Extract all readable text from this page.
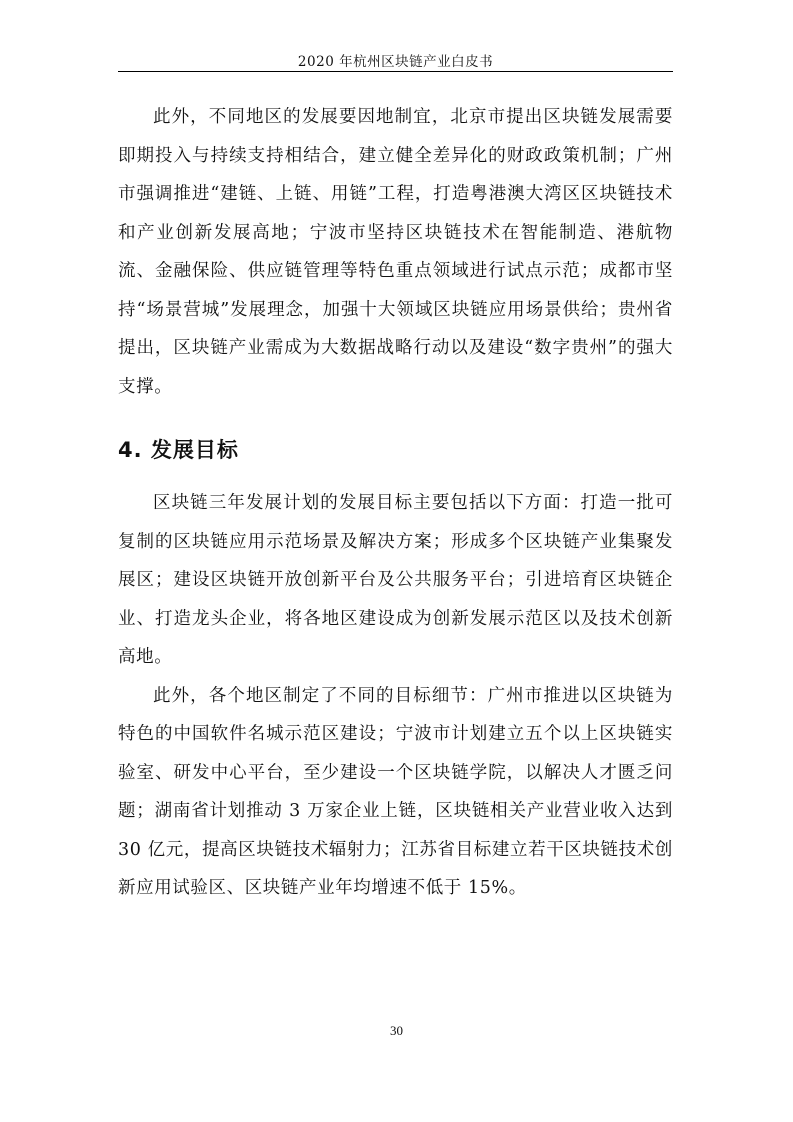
2020 年杭州区块链产业白皮书

此外，不同地区的发展要因地制宜，北京市提出区块链发展需要即期投入与持续支持相结合，建立健全差异化的财政政策机制；广州市强调推进“建链、上链、用链”工程，打造粤港澳大湾区区块链技术和产业创新发展高地；宁波市坚持区块链技术在智能制造、港航物流、金融保险、供应链管理等特色重点领域进行试点示范；成都市坚持“场景营城”发展理念，加强十大领域区块链应用场景供给；贵州省提出，区块链产业需成为大数据战略行动以及建设“数字贵州”的强大支撑。

4. 发展目标

区块链三年发展计划的发展目标主要包括以下方面：打造一批可复制的区块链应用示范场景及解决方案；形成多个区块链产业集聚发展区；建设区块链开放创新平台及公共服务平台；引进培育区块链企业、打造龙头企业，将各地区建设成为创新发展示范区以及技术创新高地。

此外，各个地区制定了不同的目标细节：广州市推进以区块链为特色的中国软件名城示范区建设；宁波市计划建立五个以上区块链实验室、研发中心平台，至少建设一个区块链学院，以解决人才匮乏问题；湖南省计划推动 3 万家企业上链，区块链相关产业营业收入达到 30 亿元，提高区块链技术辐射力；江苏省目标建立若干区块链技术创新应用试验区、区块链产业年均增速不低于 15%。

30
